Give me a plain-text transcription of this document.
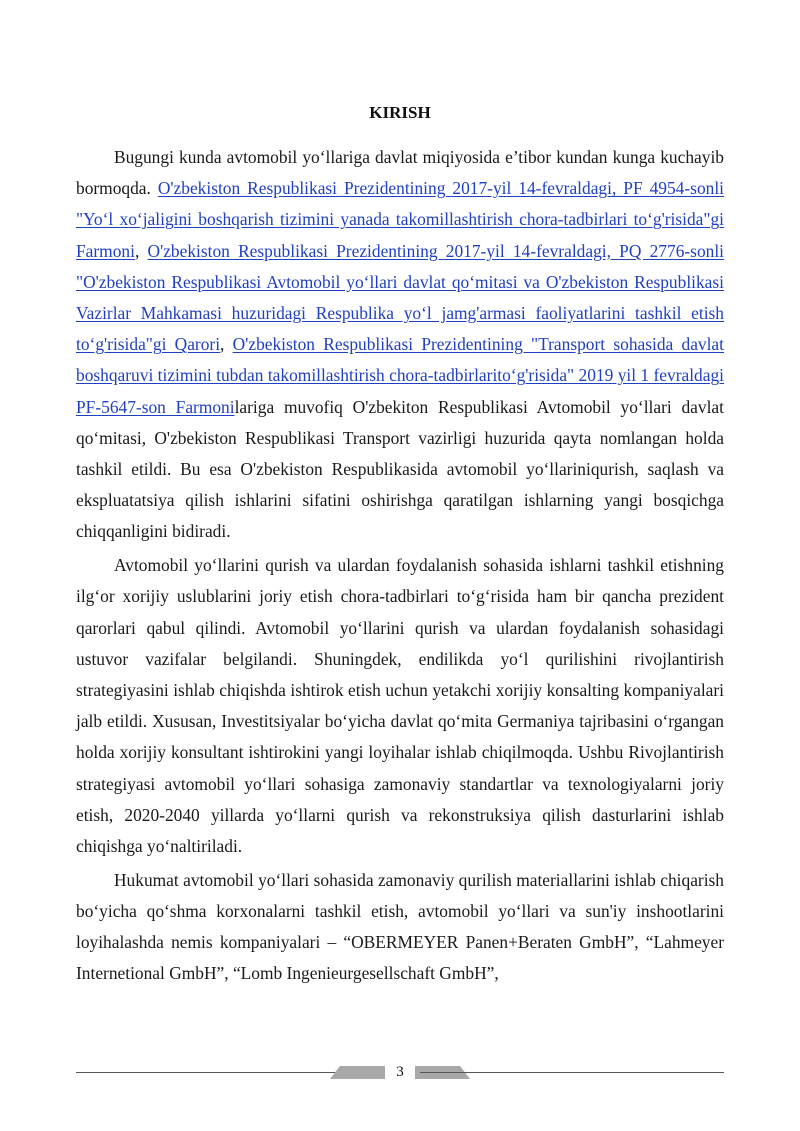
KIRISH

Bugungi kunda avtomobil yo‘llariga davlat miqiyosida e’tibor kundan kunga kuchayib bormoqda. O'zbekiston Respublikasi Prezidentining 2017-yil 14-fevraldagi, PF 4954-sonli "Yo‘l xo‘jaligini boshqarish tizimini yanada takomillashtirish chora-tadbirlari to‘g'risida"gi Farmoni, O'zbekiston Respublikasi Prezidentining 2017-yil 14-fevraldagi, PQ 2776-sonli "O'zbekiston Respublikasi Avtomobil yo‘llari davlat qo‘mitasi va O'zbekiston Respublikasi Vazirlar Mahkamasi huzuridagi Respublika yo‘l jamg'armasi faoliyatlarini tashkil etish to‘g'risida"gi Qarori, O'zbekiston Respublikasi Prezidentining "Transport sohasida davlat boshqaruvi tizimini tubdan takomillashtirish chora-tadbirlarito‘g'risida" 2019 yil 1 fevraldagi PF-5647-son Farmonilariga muvofiq O'zbekiton Respublikasi Avtomobil yo‘llari davlat qo‘mitasi, O'zbekiston Respublikasi Transport vazirligi huzurida qayta nomlangan holda tashkil etildi. Bu esa O'zbekiston Respublikasida avtomobil yo‘llariniqurish, saqlash va ekspluatatsiya qilish ishlarini sifatini oshirishga qaratilgan ishlarning yangi bosqichga chiqqanligini bidiradi.

Avtomobil yo‘llarini qurish va ulardan foydalanish sohasida ishlarni tashkil etishning ilg‘or xorijiy uslublarini joriy etish chora-tadbirlari to‘g‘risida ham bir qancha prezident qarorlari qabul qilindi. Avtomobil yo‘llarini qurish va ulardan foydalanish sohasidagi ustuvor vazifalar belgilandi. Shuningdek, endilikda yo‘l qurilishini rivojlantirish strategiyasini ishlab chiqishda ishtirok etish uchun yetakchi xorijiy konsalting kompaniyalari jalb etildi. Xususan, Investitsiyalar bo‘yicha davlat qo‘mita Germaniya tajribasini o‘rgangan holda xorijiy konsultant ishtirokini yangi loyihalar ishlab chiqilmoqda. Ushbu Rivojlantirish strategiyasi avtomobil yo‘llari sohasiga zamonaviy standartlar va texnologiyalarni joriy etish, 2020-2040 yillarda yo‘llarni qurish va rekonstruksiya qilish dasturlarini ishlab chiqishga yo‘naltiriladi.

Hukumat avtomobil yo‘llari sohasida zamonaviy qurilish materiallarini ishlab chiqarish bo‘yicha qo‘shma korxonalarni tashkil etish, avtomobil yo‘llari va sun'iy inshootlarini loyihalashda nemis kompaniyalari – “OBERMEYER Panen+Beraten GmbH”, “Lahmeyer Internetional GmbH”, “Lomb Ingenieurgesellschaft GmbH”,

3
